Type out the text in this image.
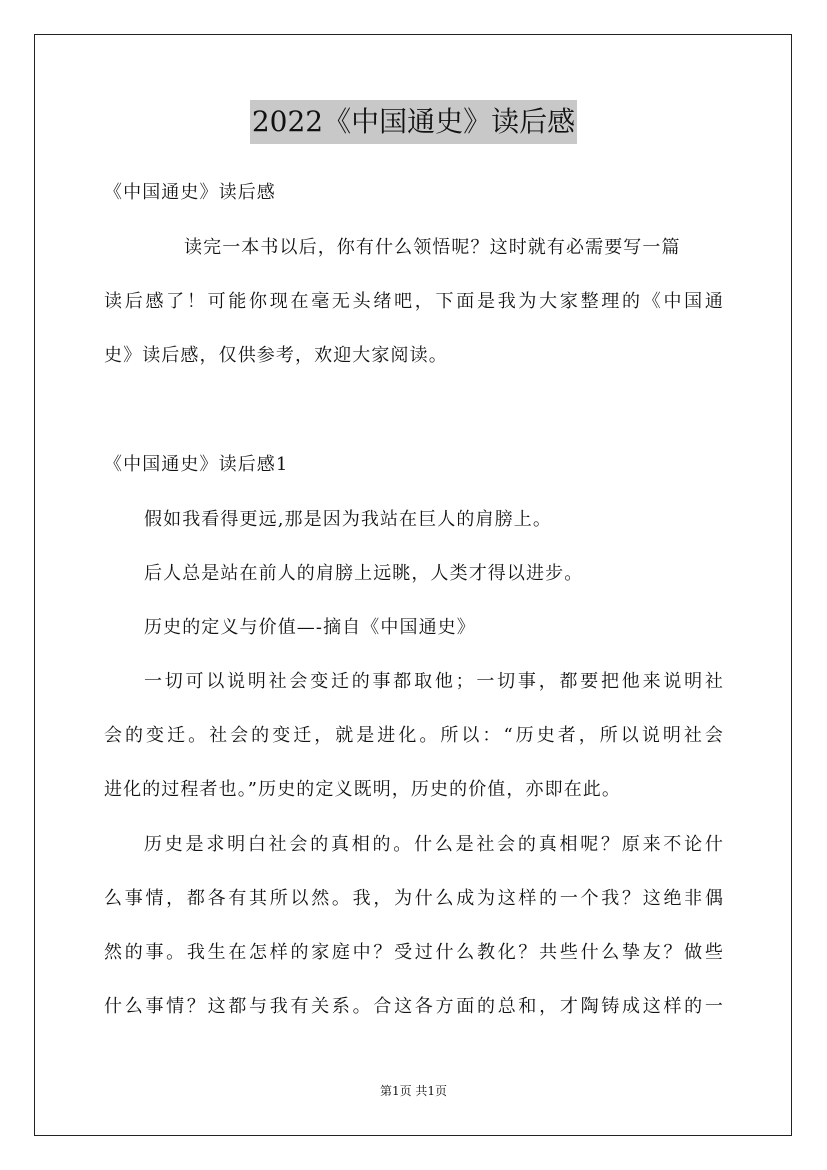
2022《中国通史》读后感
《中国通史》读后感
读完一本书以后，你有什么领悟呢？这时就有必需要写一篇
读后感了！可能你现在毫无头绪吧，下面是我为大家整理的《中国通
史》读后感，仅供参考，欢迎大家阅读。
《中国通史》读后感1
假如我看得更远,那是因为我站在巨人的肩膀上。
后人总是站在前人的肩膀上远眺，人类才得以进步。
历史的定义与价值—-摘自《中国通史》
一切可以说明社会变迁的事都取他；一切事，都要把他来说明社
会的变迁。社会的变迁，就是进化。所以：“历史者，所以说明社会
进化的过程者也。”历史的定义既明，历史的价值，亦即在此。
历史是求明白社会的真相的。什么是社会的真相呢？原来不论什
么事情，都各有其所以然。我，为什么成为这样的一个我？这绝非偶
然的事。我生在怎样的家庭中？受过什么教化？共些什么挚友？做些
什么事情？这都与我有关系。合这各方面的总和，才陶铸成这样的一
第1页 共1页
